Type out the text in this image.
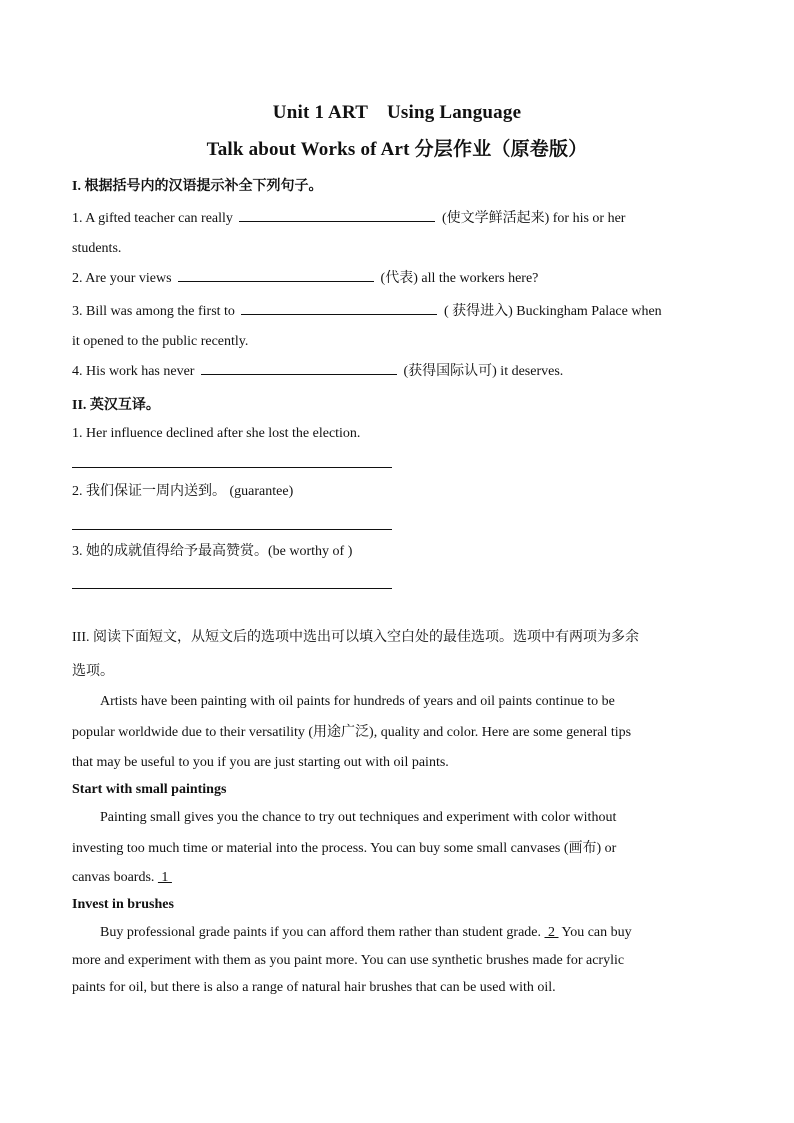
Unit 1 ART　Using Language
Talk about Works of Art 分层作业（原卷版）
I. 根据括号内的汉语提示补全下列句子。
1. A gifted teacher can really	(使文学鲜活起来) for his or her
students.
2. Are your views	(代表) all the workers here?
3. Bill was among the first to	( 获得进入) Buckingham Palace when
it opened to the public recently.
4. His work has never	(获得国际认可) it deserves.
II. 英汉互译。
1. Her influence declined after she lost the election.
2. 我们保证一周内送到。 (guarantee)
3. 她的成就值得给予最高赞赏。(be worthy of )
III. 阅读下面短文，从短文后的选项中选出可以填入空白处的最佳选项。选项中有两项为多余
选项。
Artists have been painting with oil paints for hundreds of years and oil paints continue to be
popular worldwide due to their versatility (用途广泛), quality and color. Here are some general tips
that may be useful to you if you are just starting out with oil paints.
Start with small paintings
Painting small gives you the chance to try out techniques and experiment with color without
investing too much time or material into the process. You can buy some small canvases (画布) or
canvas boards.  1
Invest in brushes
Buy professional grade paints if you can afford them rather than student grade.  2  You can buy
more and experiment with them as you paint more. You can use synthetic brushes made for acrylic
paints for oil, but there is also a range of natural hair brushes that can be used with oil.
